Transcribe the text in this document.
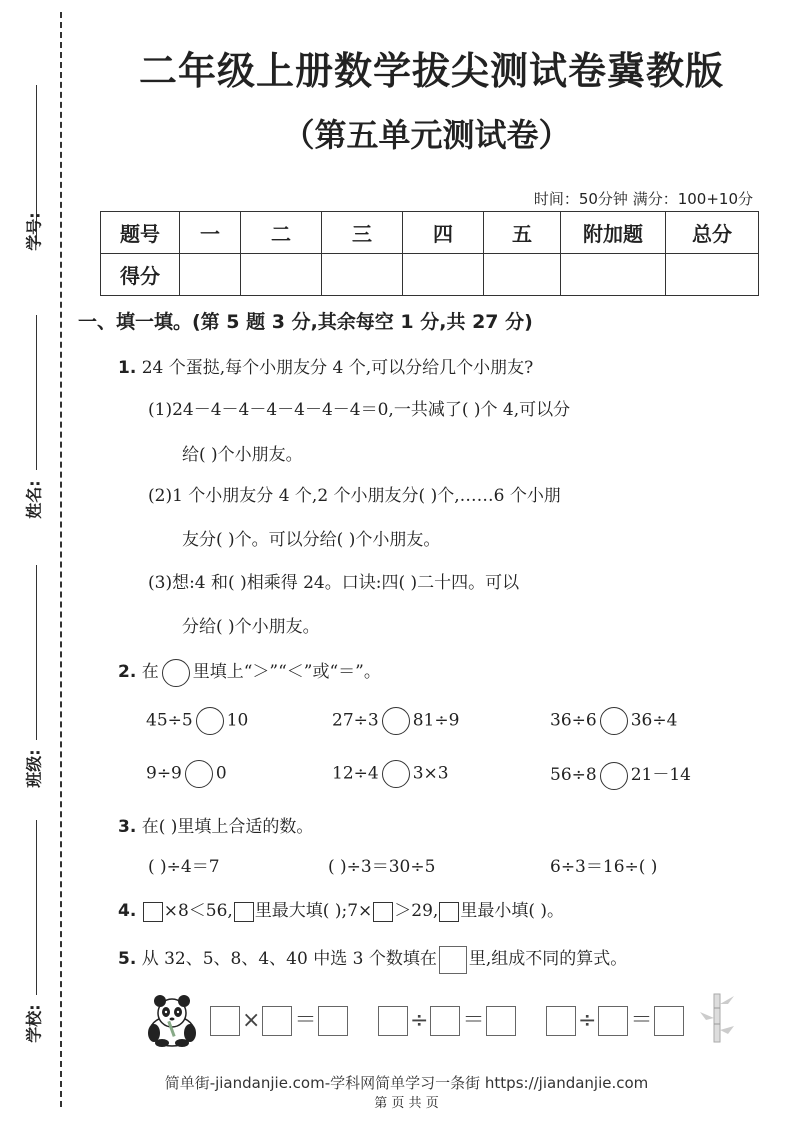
学号:
姓名:
班级:
学校:
二年级上册数学拔尖测试卷冀教版
（第五单元测试卷）
时间：50分钟 满分：100+10分
题号	一	二	三	四	五	附加题	总分
得分							
一、填一填。(第 5 题 3 分,其余每空 1 分,共 27 分)
1. 24 个蛋挞,每个小朋友分 4 个,可以分给几个小朋友?
(1)24－4－4－4－4－4－4＝0,一共减了( )个 4,可以分
给( )个小朋友。
(2)1 个小朋友分 4 个,2 个小朋友分( )个,……6 个小朋
友分( )个。可以分给( )个小朋友。
(3)想:4 和( )相乘得 24。口诀:四( )二十四。可以
分给( )个小朋友。
2. 在 里填上“＞”“＜”或“＝”。
45÷5 10	27÷3 81÷9	36÷6 36÷4
9÷9 0	12÷4 3×3	56÷8 21－14
3. 在( )里填上合适的数。
( )÷4＝7	( )÷3＝30÷5	6÷3＝16÷( )
4. ×8＜56, 里最大填( );7× ＞29, 里最小填( )。
5. 从 32、5、8、4、40 中选 3 个数填在 里,组成不同的算式。
× ＝	÷ ＝	÷ ＝
简单街-jiandanjie.com-学科网简单学习一条街 https://jiandanjie.com
第 页 共 页
